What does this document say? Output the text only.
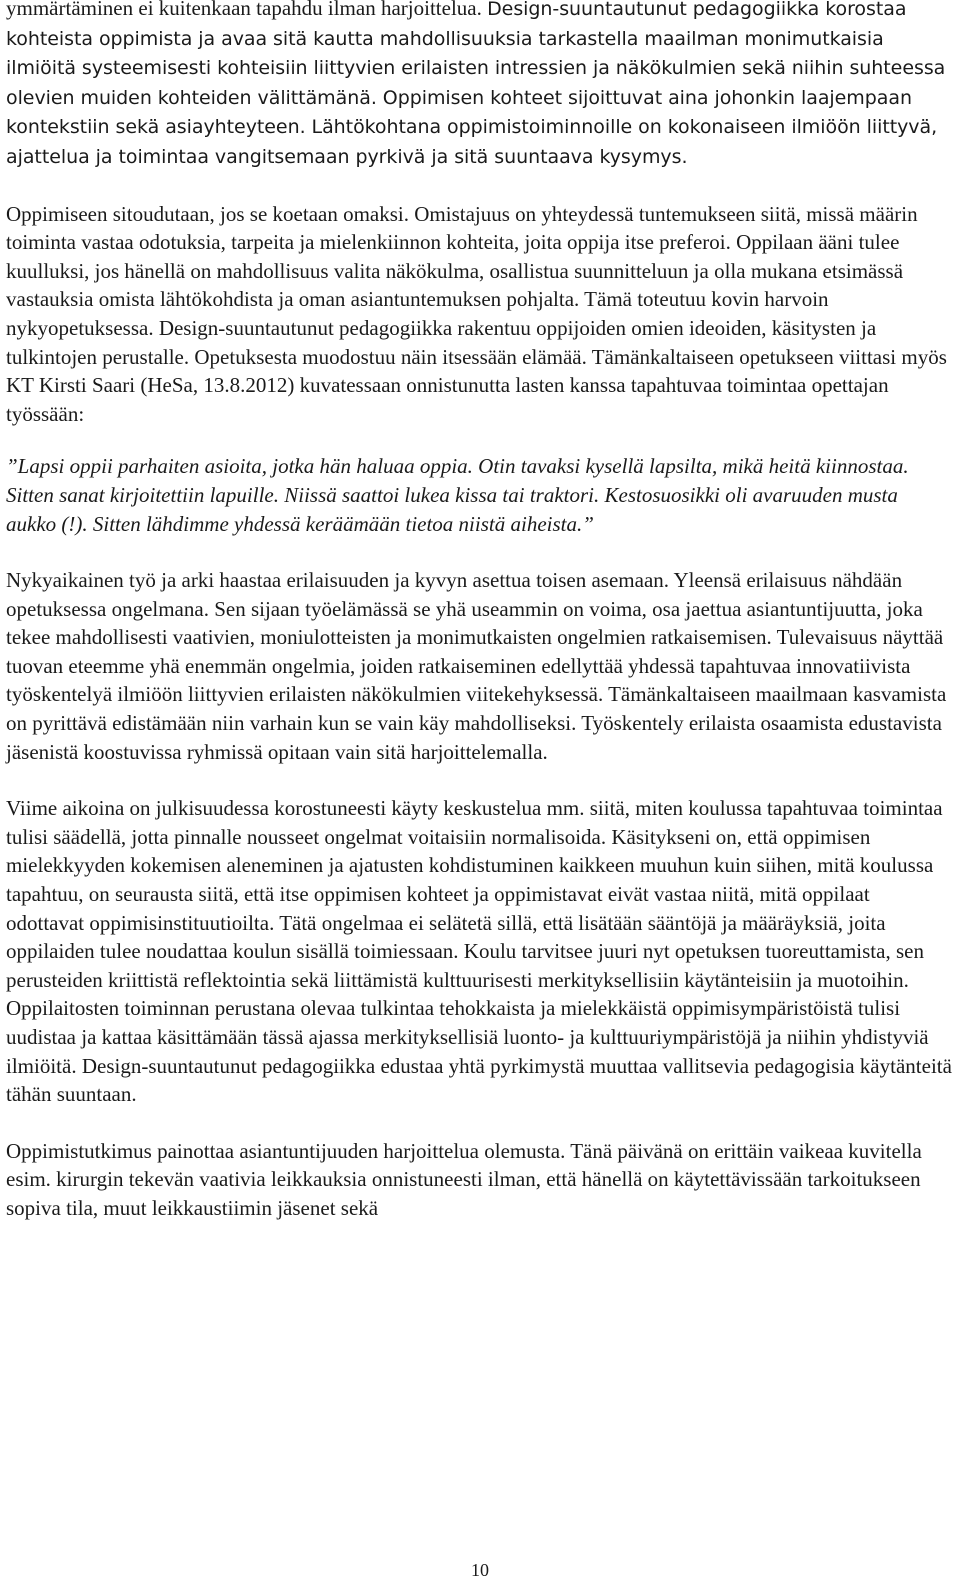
ymmärtäminen ei kuitenkaan tapahdu ilman harjoittelua. Design-suuntautunut pedagogiikka korostaa kohteista oppimista ja avaa sitä kautta mahdollisuuksia tarkastella maailman monimutkaisia ilmiöitä systeemisesti kohteisiin liittyvien erilaisten intressien ja näkökulmien sekä niihin suhteessa olevien muiden kohteiden välittämänä. Oppimisen kohteet sijoittuvat aina johonkin laajempaan kontekstiin sekä asiayhteyteen. Lähtökohtana oppimistoiminnoille on kokonaiseen ilmiöön liittyvä, ajattelua ja toimintaa vangitsemaan pyrkivä ja sitä suuntaava kysymys.

Oppimiseen sitoudutaan, jos se koetaan omaksi. Omistajuus on yhteydessä tuntemukseen siitä, missä määrin toiminta vastaa odotuksia, tarpeita ja mielenkiinnon kohteita, joita oppija itse preferoi. Oppilaan ääni tulee kuulluksi, jos hänellä on mahdollisuus valita näkökulma, osallistua suunnitteluun ja olla mukana etsimässä vastauksia omista lähtökohdista ja oman asiantuntemuksen pohjalta. Tämä toteutuu kovin harvoin nykyopetuksessa. Design-suuntautunut pedagogiikka rakentuu oppijoiden omien ideoiden, käsitysten ja tulkintojen perustalle. Opetuksesta muodostuu näin itsessään elämää. Tämänkaltaiseen opetukseen viittasi myös KT Kirsti Saari (HeSa, 13.8.2012) kuvatessaan onnistunutta lasten kanssa tapahtuvaa toimintaa opettajan työssään:

”Lapsi oppii parhaiten asioita, jotka hän haluaa oppia. Otin tavaksi kysellä lapsilta, mikä heitä kiinnostaa. Sitten sanat kirjoitettiin lapuille. Niissä saattoi lukea kissa tai traktori. Kestosuosikki oli avaruuden musta aukko (!). Sitten lähdimme yhdessä keräämään tietoa niistä aiheista.”

Nykyaikainen työ ja arki haastaa erilaisuuden ja kyvyn asettua toisen asemaan. Yleensä erilaisuus nähdään opetuksessa ongelmana. Sen sijaan työelämässä se yhä useammin on voima, osa jaettua asiantuntijuutta, joka tekee mahdollisesti vaativien, moniulotteisten ja monimutkaisten ongelmien ratkaisemisen. Tulevaisuus näyttää tuovan eteemme yhä enemmän ongelmia, joiden ratkaiseminen edellyttää yhdessä tapahtuvaa innovatiivista työskentelyä ilmiöön liittyvien erilaisten näkökulmien viitekehyksessä. Tämänkaltaiseen maailmaan kasvamista on pyrittävä edistämään niin varhain kun se vain käy mahdolliseksi. Työskentely erilaista osaamista edustavista jäsenistä koostuvissa ryhmissä opitaan vain sitä harjoittelemalla.

Viime aikoina on julkisuudessa korostuneesti käyty keskustelua mm. siitä, miten koulussa tapahtuvaa toimintaa tulisi säädellä, jotta pinnalle nousseet ongelmat voitaisiin normalisoida. Käsitykseni on, että oppimisen mielekkyyden kokemisen aleneminen ja ajatusten kohdistuminen kaikkeen muuhun kuin siihen, mitä koulussa tapahtuu, on seurausta siitä, että itse oppimisen kohteet ja oppimistavat eivät vastaa niitä, mitä oppilaat odottavat oppimisinstituutioilta. Tätä ongelmaa ei selätetä sillä, että lisätään sääntöjä ja määräyksiä, joita oppilaiden tulee noudattaa koulun sisällä toimiessaan. Koulu tarvitsee juuri nyt opetuksen tuoreuttamista, sen perusteiden kriittistä reflektointia sekä liittämistä kulttuurisesti merkityksellisiin käytänteisiin ja muotoihin. Oppilaitosten toiminnan perustana olevaa tulkintaa tehokkaista ja mielekkäistä oppimisympäristöistä tulisi uudistaa ja kattaa käsittämään tässä ajassa merkityksellisiä luonto- ja kulttuuriympäristöjä ja niihin yhdistyviä ilmiöitä. Design-suuntautunut pedagogiikka edustaa yhtä pyrkimystä muuttaa vallitsevia pedagogisia käytänteitä tähän suuntaan.

Oppimistutkimus painottaa asiantuntijuuden harjoittelua olemusta. Tänä päivänä on erittäin vaikeaa kuvitella esim. kirurgin tekevän vaativia leikkauksia onnistuneesti ilman, että hänellä on käytettävissään tarkoitukseen sopiva tila, muut leikkaustiimin jäsenet sekä

10
